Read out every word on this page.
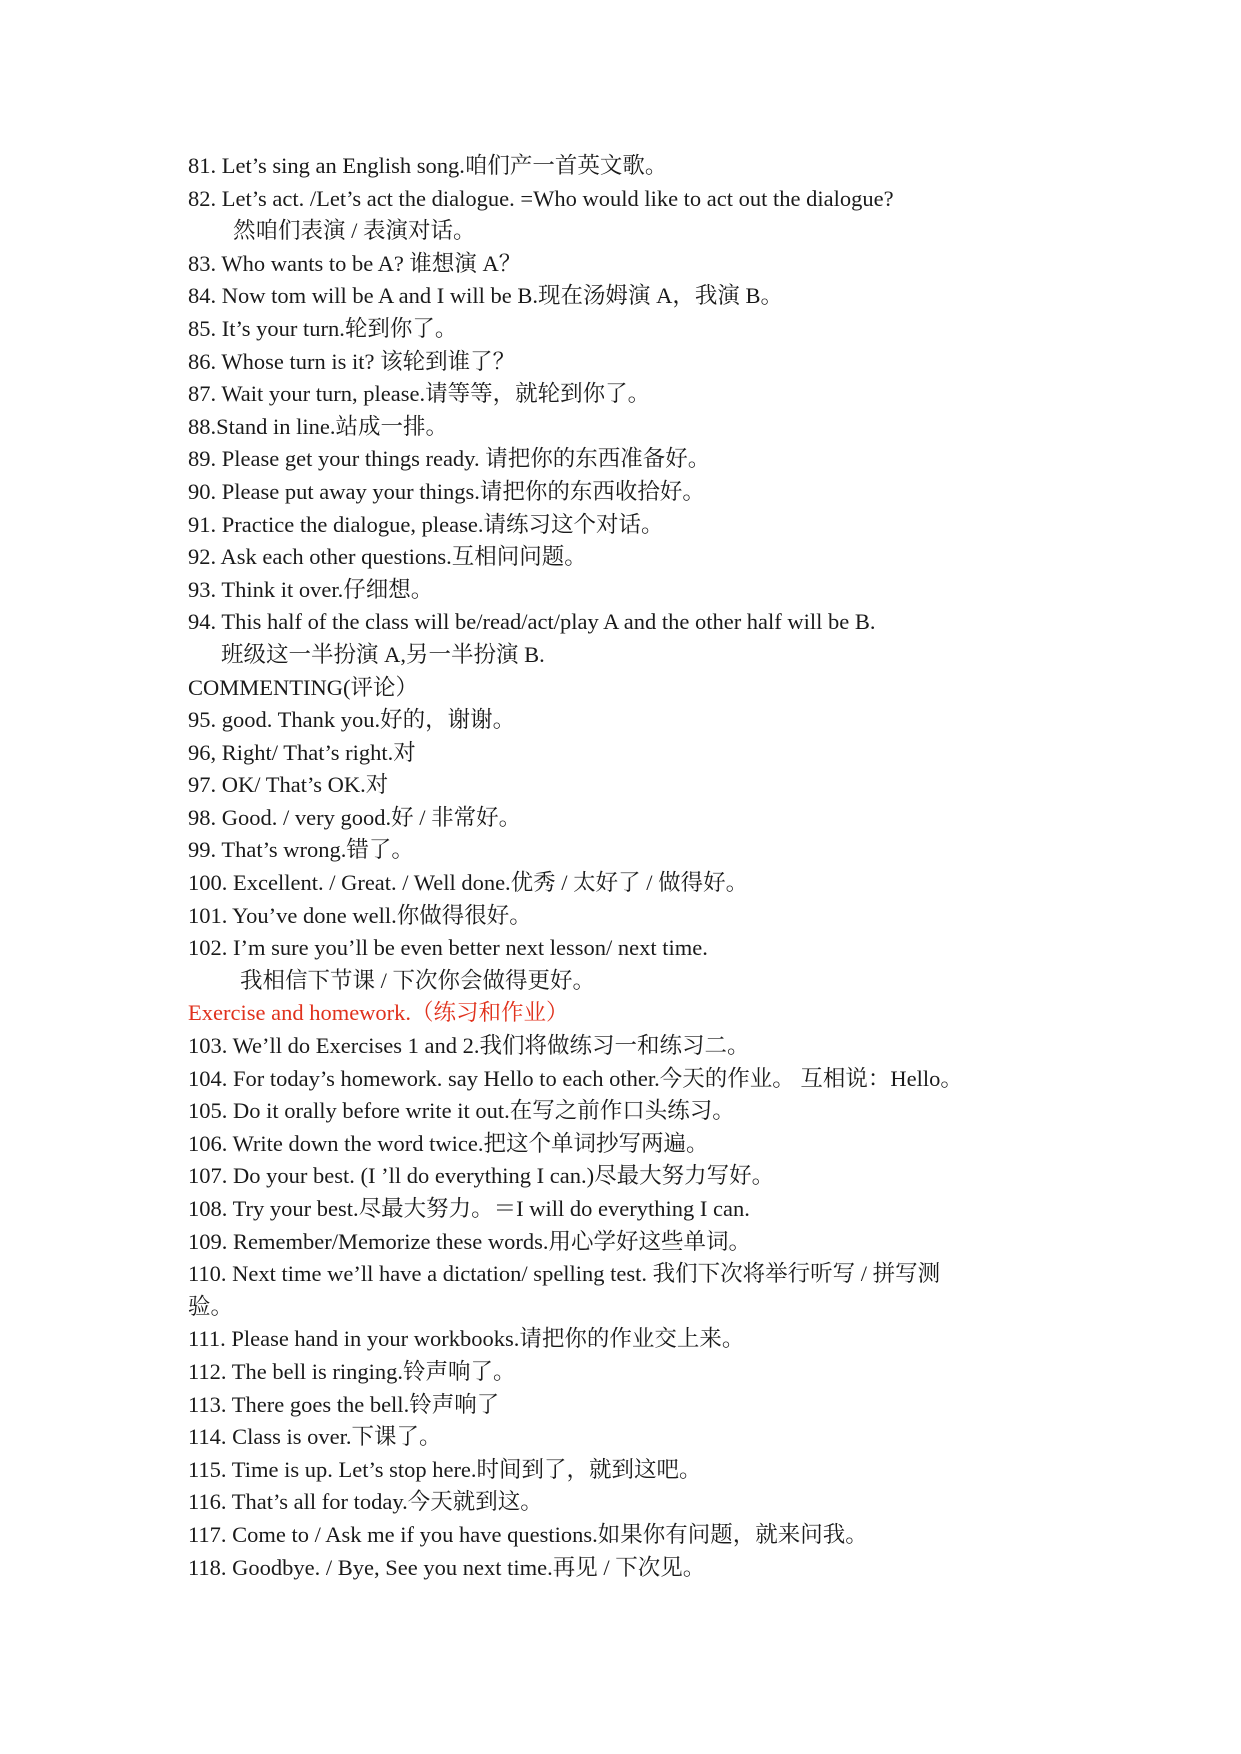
81. Let’s sing an English song.咱们产一首英文歌。
82. Let’s act. /Let’s act the dialogue. =Who would like to act out the dialogue?
然咱们表演 / 表演对话。
83. Who wants to be A? 谁想演 A？
84. Now tom will be A and I will be B.现在汤姆演 A，我演 B。
85. It’s your turn.轮到你了。
86. Whose turn is it? 该轮到谁了？
87. Wait your turn, please.请等等，就轮到你了。
88.Stand in line.站成一排。
89. Please get your things ready. 请把你的东西准备好。
90. Please put away your things.请把你的东西收拾好。
91. Practice the dialogue, please.请练习这个对话。
92. Ask each other questions.互相问问题。
93. Think it over.仔细想。
94. This half of the class will be/read/act/play A and the other half will be B.
班级这一半扮演 A,另一半扮演 B.
COMMENTING(评论）
95. good. Thank you.好的，谢谢。
96, Right/ That’s right.对
97. OK/ That’s OK.对
98. Good. / very good.好 / 非常好。
99. That’s wrong.错了。
100. Excellent. / Great. / Well done.优秀 / 太好了 / 做得好。
101. You’ve done well.你做得很好。
102. I’m sure you’ll be even better next lesson/ next time.
我相信下节课 / 下次你会做得更好。
Exercise and homework.（练习和作业）
103. We’ll do Exercises 1 and 2.我们将做练习一和练习二。
104. For today’s homework. say Hello to each other.今天的作业。 互相说：Hello。
105. Do it orally before write it out.在写之前作口头练习。
106. Write down the word twice.把这个单词抄写两遍。
107. Do your best. (I ’ll do everything I can.)尽最大努力写好。
108. Try your best.尽最大努力。＝I will do everything I can.
109. Remember/Memorize these words.用心学好这些单词。
110. Next time we’ll have a dictation/ spelling test. 我们下次将举行听写 / 拼写测
验。
111. Please hand in your workbooks.请把你的作业交上来。
112. The bell is ringing.铃声响了。
113. There goes the bell.铃声响了
114. Class is over.下课了。
115. Time is up. Let’s stop here.时间到了，就到这吧。
116. That’s all for today.今天就到这。
117. Come to / Ask me if you have questions.如果你有问题，就来问我。
118. Goodbye. / Bye, See you next time.再见 / 下次见。
